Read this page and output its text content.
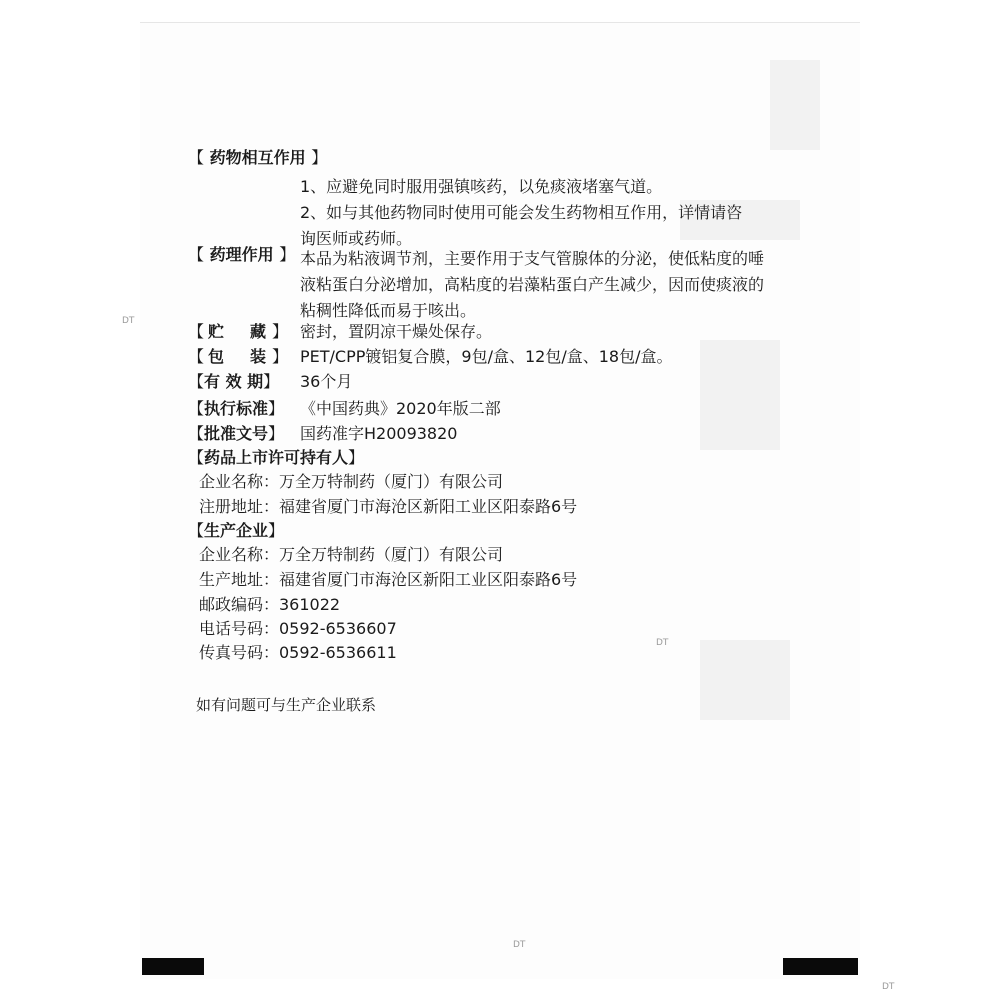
DT
DT
DT
DT
【 药物相互作用 】
1、应避免同时服用强镇咳药，以免痰液堵塞气道。
2、如与其他药物同时使用可能会发生药物相互作用，详情请咨
询医师或药师。
【 药理作用 】 本品为粘液调节剂，主要作用于支气管腺体的分泌，使低粘度的唾
液粘蛋白分泌增加，高粘度的岩藻粘蛋白产生减少，因而使痰液的
粘稠性降低而易于咳出。
【 贮 藏 】 密封，置阴凉干燥处保存。
【 包 装 】 PET/CPP镀铝复合膜，9包/盒、12包/盒、18包/盒。
【有 效 期】 36个月
【执行标准】 《中国药典》2020年版二部
【批准文号】 国药准字H20093820
【药品上市许可持有人】
企业名称：万全万特制药（厦门）有限公司
注册地址：福建省厦门市海沧区新阳工业区阳泰路6号
【生产企业】
企业名称：万全万特制药（厦门）有限公司
生产地址：福建省厦门市海沧区新阳工业区阳泰路6号
邮政编码：361022
电话号码：0592-6536607
传真号码：0592-6536611
如有问题可与生产企业联系
